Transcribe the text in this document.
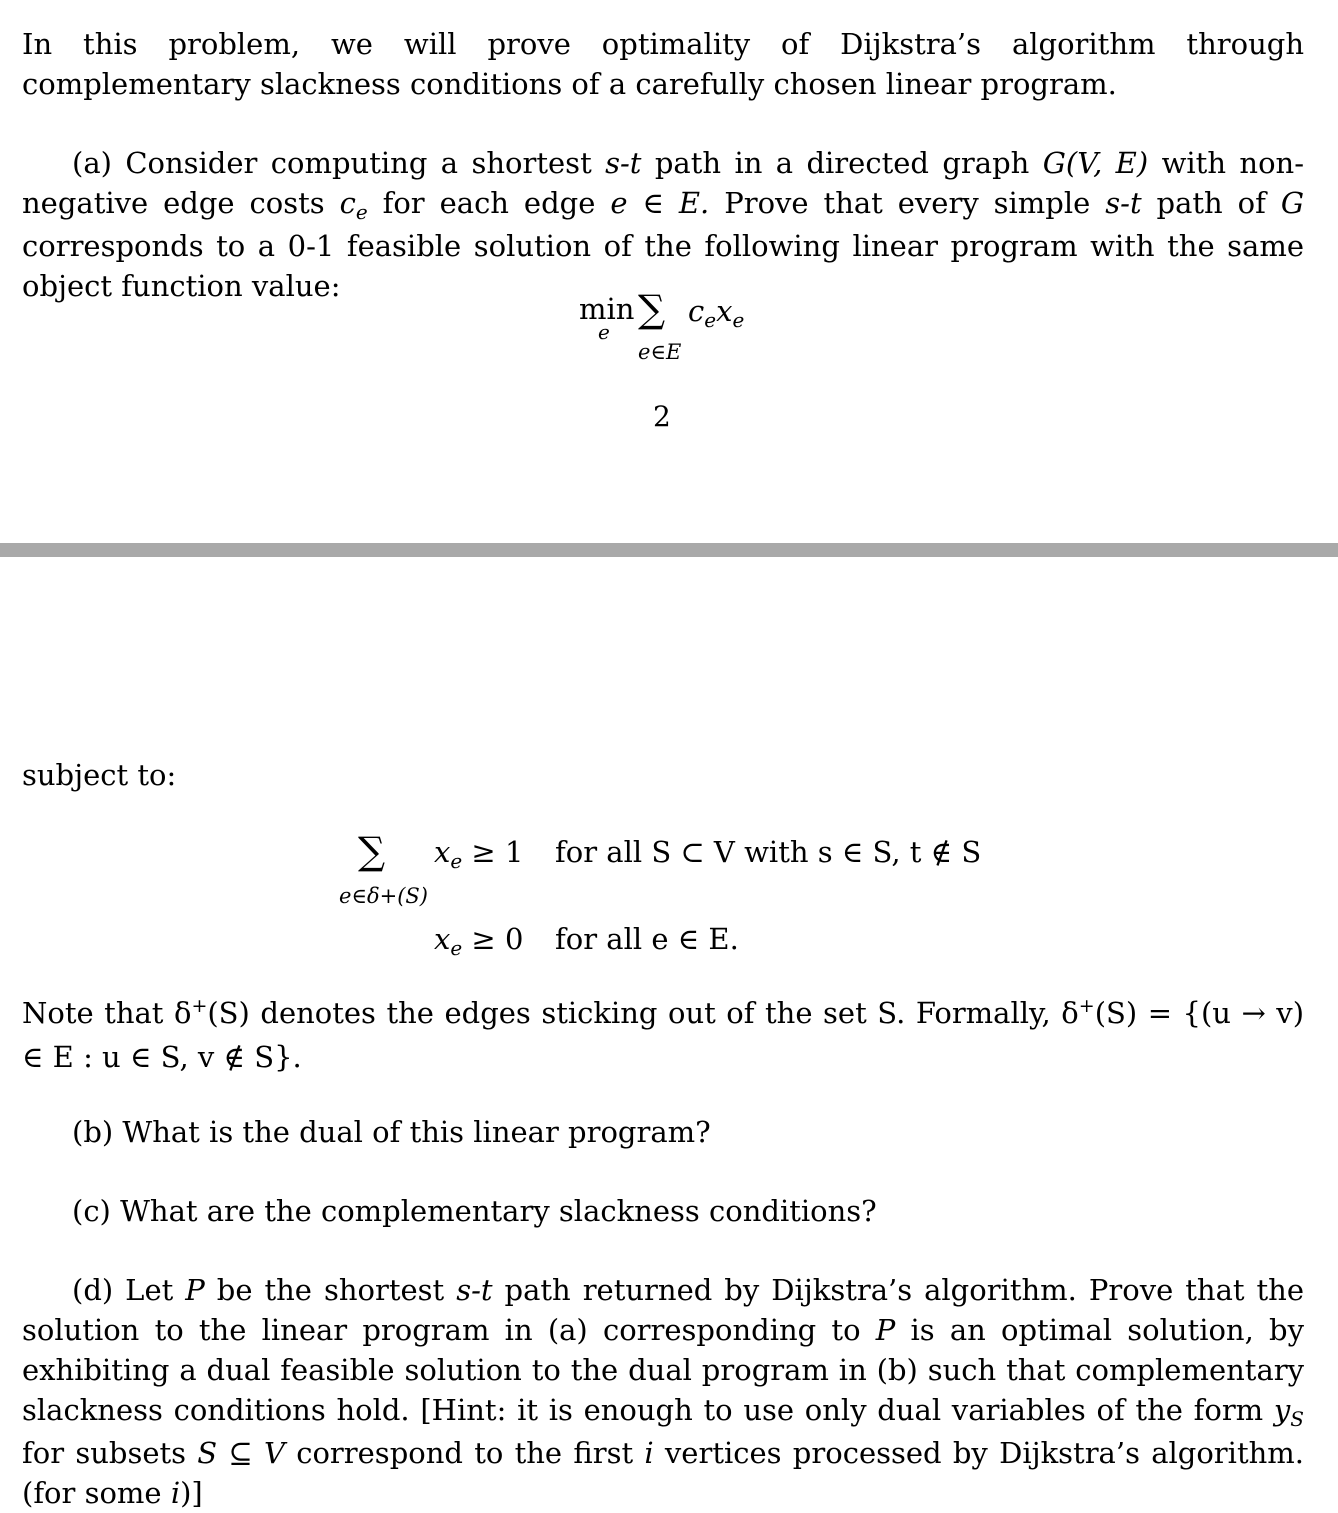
In this problem, we will prove optimality of Dijkstra’s algorithm through complementary slackness conditions of a carefully chosen linear program.

(a) Consider computing a shortest s-t path in a directed graph G(V, E) with non-negative edge costs $c_e$ for each edge e ∈ E. Prove that every simple s-t path of G corresponds to a 0-1 feasible solution of the following linear program with the same object function value:

min
e
∑
e∈E
$c_ex_e$
2
subject to:
∑
e∈δ+(S)
$x_e \ge 1$ for all S ⊂ V with s ∈ S, t ∉ S
$x_e \ge 0$ for all e ∈ E.

Note that δ+(S) denotes the edges sticking out of the set S. Formally, δ+(S) = {(u → v) ∈ E : u ∈ S, v ∉ S}.

(b) What is the dual of this linear program?

(c) What are the complementary slackness conditions?

(d) Let P be the shortest s-t path returned by Dijkstra’s algorithm. Prove that the solution to the linear program in (a) corresponding to P is an optimal solution, by exhibiting a dual feasible solution to the dual program in (b) such that complementary slackness conditions hold. [Hint: it is enough to use only dual variables of the form $y_S$ for subsets S ⊆ V correspond to the first i vertices processed by Dijkstra’s algorithm. (for some i)]
